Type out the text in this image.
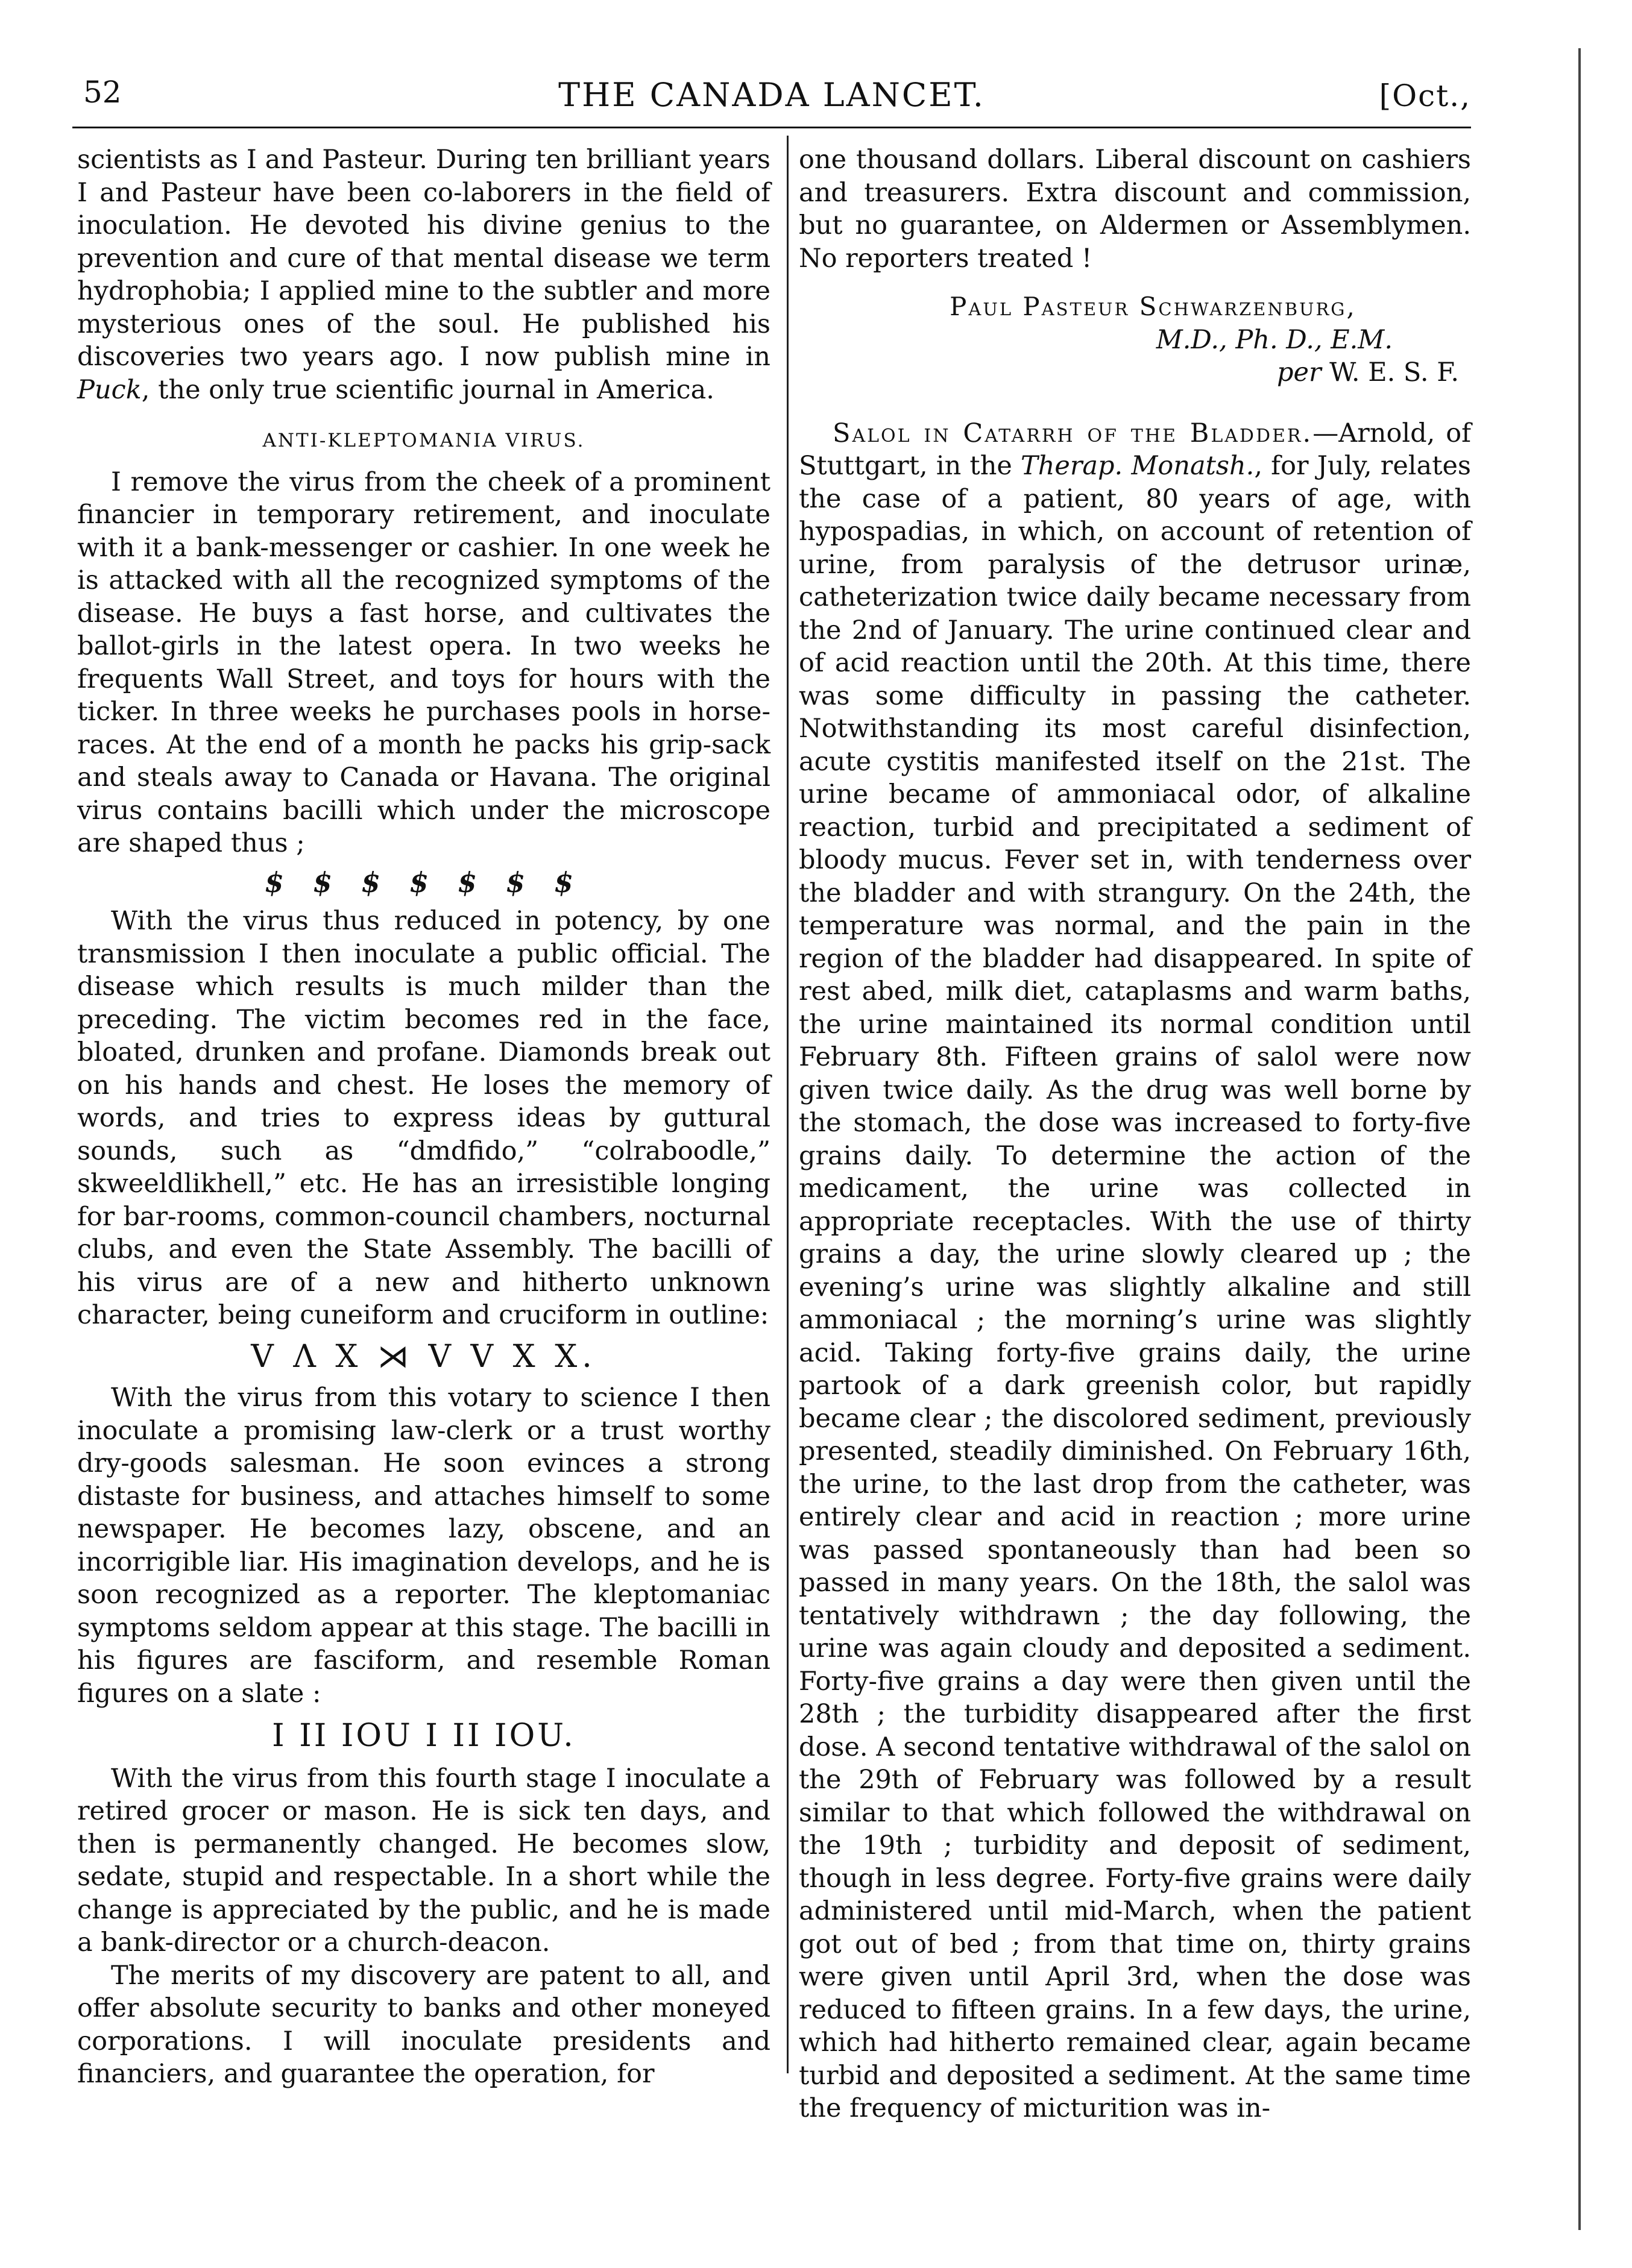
52	THE CANADA LANCET.	[Oct.,

scientists as I and Pasteur. During ten brilliant years I and Pasteur have been co-laborers in the field of inoculation. He devoted his divine genius to the prevention and cure of that mental disease we term hydrophobia; I applied mine to the subtler and more mysterious ones of the soul. He published his discoveries two years ago. I now publish mine in Puck, the only true scientific journal in America.

ANTI-KLEPTOMANIA VIRUS.

I remove the virus from the cheek of a prominent financier in temporary retirement, and inoculate with it a bank-messenger or cashier. In one week he is attacked with all the recognized symptoms of the disease. He buys a fast horse, and cultivates the ballot-girls in the latest opera. In two weeks he frequents Wall Street, and toys for hours with the ticker. In three weeks he purchases pools in horse-races. At the end of a month he packs his grip-sack and steals away to Canada or Havana. The original virus contains bacilli which under the microscope are shaped thus ;

$ $ $ $ $ $ $

With the virus thus reduced in potency, by one transmission I then inoculate a public official. The disease which results is much milder than the preceding. The victim becomes red in the face, bloated, drunken and profane. Diamonds break out on his hands and chest. He loses the memory of words, and tries to express ideas by guttural sounds, such as “dmdfido,” “colraboodle,” skweeldlikhell,” etc. He has an irresistible longing for bar-rooms, common-council chambers, nocturnal clubs, and even the State Assembly. The bacilli of his virus are of a new and hitherto unknown character, being cuneiform and cruciform in outline:

V Λ X ⋊ V V X X.

With the virus from this votary to science I then inoculate a promising law-clerk or a trust worthy dry-goods salesman. He soon evinces a strong distaste for business, and attaches himself to some newspaper. He becomes lazy, obscene, and an incorrigible liar. His imagination develops, and he is soon recognized as a reporter. The kleptomaniac symptoms seldom appear at this stage. The bacilli in his figures are fasciform, and resemble Roman figures on a slate :

I II IOU I II IOU.

With the virus from this fourth stage I inoculate a retired grocer or mason. He is sick ten days, and then is permanently changed. He becomes slow, sedate, stupid and respectable. In a short while the change is appreciated by the public, and he is made a bank-director or a church-deacon.

The merits of my discovery are patent to all, and offer absolute security to banks and other moneyed corporations. I will inoculate presidents and financiers, and guarantee the operation, for

one thousand dollars. Liberal discount on cashiers and treasurers. Extra discount and commission, but no guarantee, on Aldermen or Assemblymen. No reporters treated !

Paul Pasteur Schwarzenburg,
M.D., Ph. D., E.M.
per W. E. S. F.

Salol in Catarrh of the Bladder.—Arnold, of Stuttgart, in the Therap. Monatsh., for July, relates the case of a patient, 80 years of age, with hypospadias, in which, on account of retention of urine, from paralysis of the detrusor urinæ, catheterization twice daily became necessary from the 2nd of January. The urine continued clear and of acid reaction until the 20th. At this time, there was some difficulty in passing the catheter. Notwithstanding its most careful disinfection, acute cystitis manifested itself on the 21st. The urine became of ammoniacal odor, of alkaline reaction, turbid and precipitated a sediment of bloody mucus. Fever set in, with tenderness over the bladder and with strangury. On the 24th, the temperature was normal, and the pain in the region of the bladder had disappeared. In spite of rest abed, milk diet, cataplasms and warm baths, the urine maintained its normal condition until February 8th. Fifteen grains of salol were now given twice daily. As the drug was well borne by the stomach, the dose was increased to forty-five grains daily. To determine the action of the medicament, the urine was collected in appropriate receptacles. With the use of thirty grains a day, the urine slowly cleared up ; the evening’s urine was slightly alkaline and still ammoniacal ; the morning’s urine was slightly acid. Taking forty-five grains daily, the urine partook of a dark greenish color, but rapidly became clear ; the discolored sediment, previously presented, steadily diminished. On February 16th, the urine, to the last drop from the catheter, was entirely clear and acid in reaction ; more urine was passed spontaneously than had been so passed in many years. On the 18th, the salol was tentatively withdrawn ; the day following, the urine was again cloudy and deposited a sediment. Forty-five grains a day were then given until the 28th ; the turbidity disappeared after the first dose. A second tentative withdrawal of the salol on the 29th of February was followed by a result similar to that which followed the withdrawal on the 19th ; turbidity and deposit of sediment, though in less degree. Forty-five grains were daily administered until mid-March, when the patient got out of bed ; from that time on, thirty grains were given until April 3rd, when the dose was reduced to fifteen grains. In a few days, the urine, which had hitherto remained clear, again became turbid and deposited a sediment. At the same time the frequency of micturition was in-
